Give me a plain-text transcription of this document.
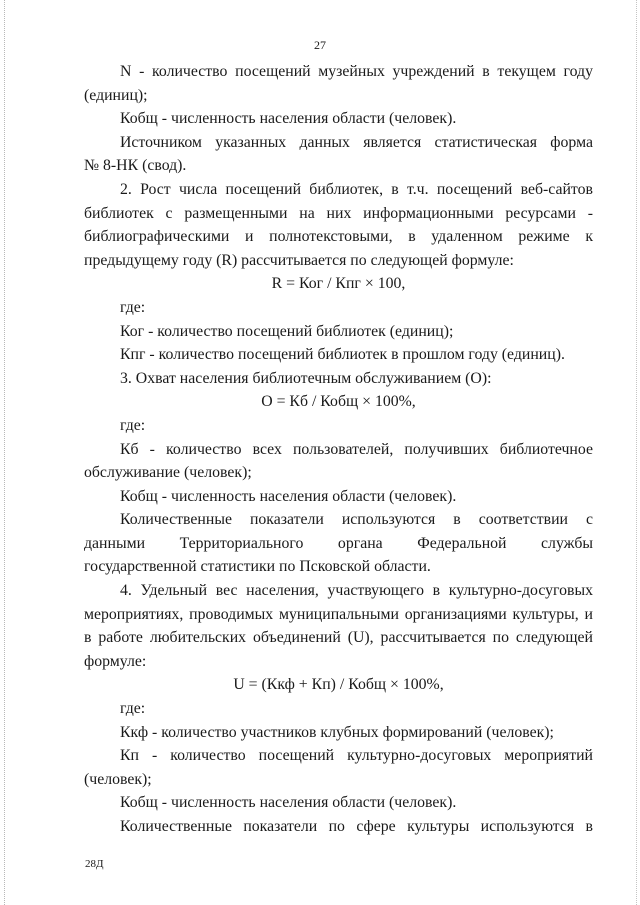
27
N - количество посещений музейных учреждений в текущем году
(единиц);
Кобщ - численность населения области (человек).
Источником указанных данных является статистическая форма
№ 8-НК (свод).
2. Рост числа посещений библиотек, в т.ч. посещений веб-сайтов
библиотек с размещенными на них информационными ресурсами -
библиографическими и полнотекстовыми, в удаленном режиме к
предыдущему году (R) рассчитывается по следующей формуле:
R = Ког / Кпг × 100,
где:
Ког - количество посещений библиотек (единиц);
Кпг - количество посещений библиотек в прошлом году (единиц).
3. Охват населения библиотечным обслуживанием (О):
О = Кб / Кобщ × 100%,
где:
Кб - количество всех пользователей, получивших библиотечное
обслуживание (человек);
Кобщ - численность населения области (человек).
Количественные показатели используются в соответствии с
данными Территориального органа Федеральной службы
государственной статистики по Псковской области.
4. Удельный вес населения, участвующего в культурно-досуговых
мероприятиях, проводимых муниципальными организациями культуры, и
в работе любительских объединений (U), рассчитывается по следующей
формуле:
U = (Ккф + Кп) / Кобщ × 100%,
где:
Ккф - количество участников клубных формирований (человек);
Кп - количество посещений культурно-досуговых мероприятий
(человек);
Кобщ - численность населения области (человек).
Количественные показатели по сфере культуры используются в
28Д
